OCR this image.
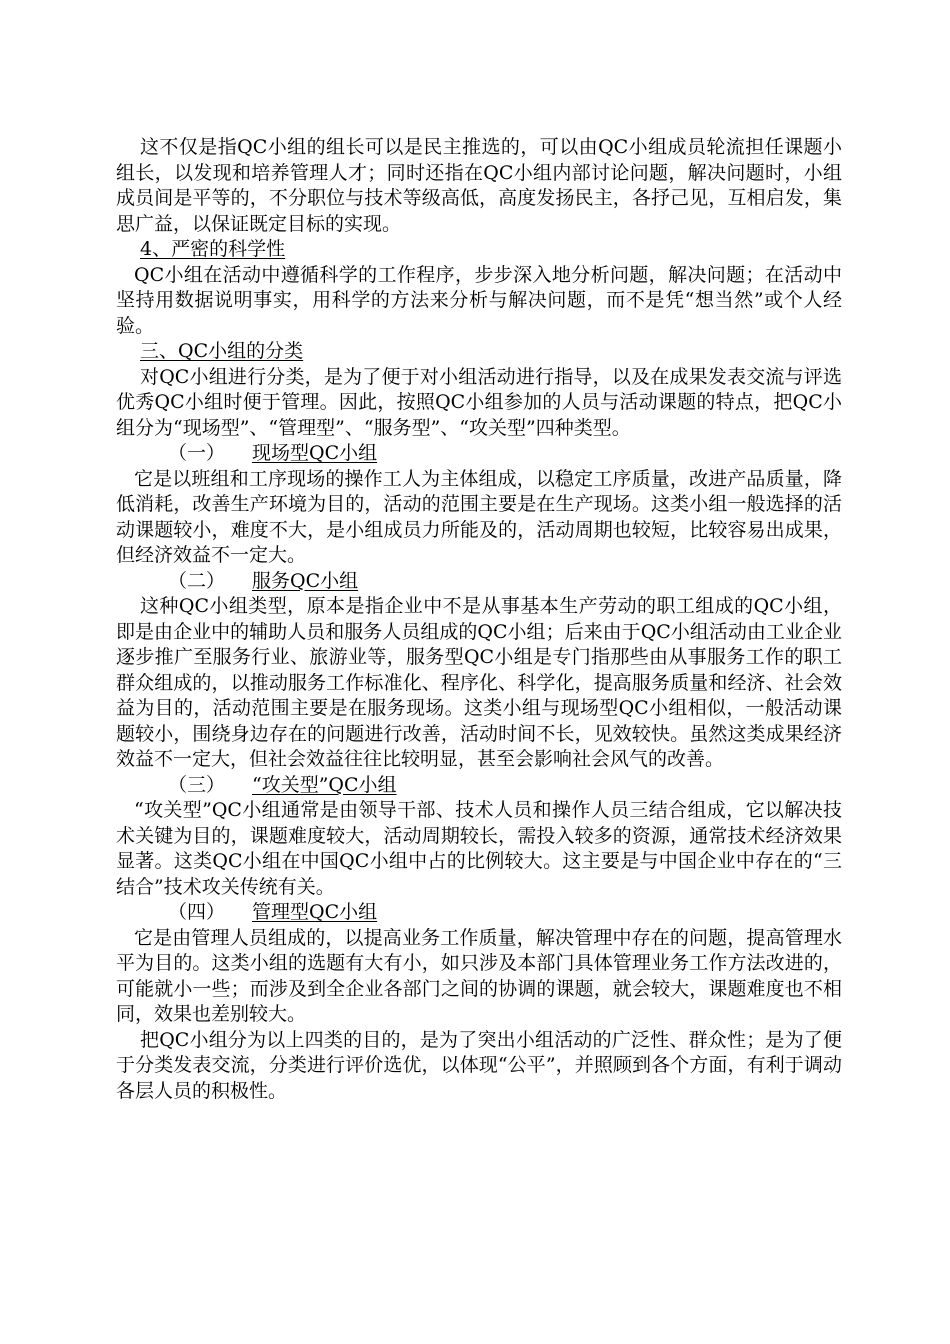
这不仅是指QC小组的组长可以是民主推选的，可以由QC小组成员轮流担任课题小组长，以发现和培养管理人才；同时还指在QC小组内部讨论问题，解决问题时，小组成员间是平等的，不分职位与技术等级高低，高度发扬民主，各抒己见，互相启发，集思广益，以保证既定目标的实现。

4、严密的科学性

QC小组在活动中遵循科学的工作程序，步步深入地分析问题，解决问题；在活动中坚持用数据说明事实，用科学的方法来分析与解决问题，而不是凭“想当然”或个人经验。

三、QC小组的分类

对QC小组进行分类，是为了便于对小组活动进行指导，以及在成果发表交流与评选优秀QC小组时便于管理。因此，按照QC小组参加的人员与活动课题的特点，把QC小组分为“现场型”、“管理型”、“服务型”、“攻关型”四种类型。

（一） 现场型QC小组

它是以班组和工序现场的操作工人为主体组成，以稳定工序质量，改进产品质量，降低消耗，改善生产环境为目的，活动的范围主要是在生产现场。这类小组一般选择的活动课题较小，难度不大，是小组成员力所能及的，活动周期也较短，比较容易出成果，但经济效益不一定大。

（二） 服务QC小组

这种QC小组类型，原本是指企业中不是从事基本生产劳动的职工组成的QC小组，即是由企业中的辅助人员和服务人员组成的QC小组；后来由于QC小组活动由工业企业逐步推广至服务行业、旅游业等，服务型QC小组是专门指那些由从事服务工作的职工群众组成的，以推动服务工作标准化、程序化、科学化，提高服务质量和经济、社会效益为目的，活动范围主要是在服务现场。这类小组与现场型QC小组相似，一般活动课题较小，围绕身边存在的问题进行改善，活动时间不长，见效较快。虽然这类成果经济效益不一定大，但社会效益往往比较明显，甚至会影响社会风气的改善。

（三） “攻关型”QC小组

“攻关型”QC小组通常是由领导干部、技术人员和操作人员三结合组成，它以解决技术关键为目的，课题难度较大，活动周期较长，需投入较多的资源，通常技术经济效果显著。这类QC小组在中国QC小组中占的比例较大。这主要是与中国企业中存在的“三结合”技术攻关传统有关。

（四） 管理型QC小组

它是由管理人员组成的，以提高业务工作质量，解决管理中存在的问题，提高管理水平为目的。这类小组的选题有大有小，如只涉及本部门具体管理业务工作方法改进的，可能就小一些；而涉及到全企业各部门之间的协调的课题，就会较大，课题难度也不相同，效果也差别较大。

把QC小组分为以上四类的目的，是为了突出小组活动的广泛性、群众性；是为了便于分类发表交流，分类进行评价选优，以体现“公平”，并照顾到各个方面，有利于调动各层人员的积极性。
